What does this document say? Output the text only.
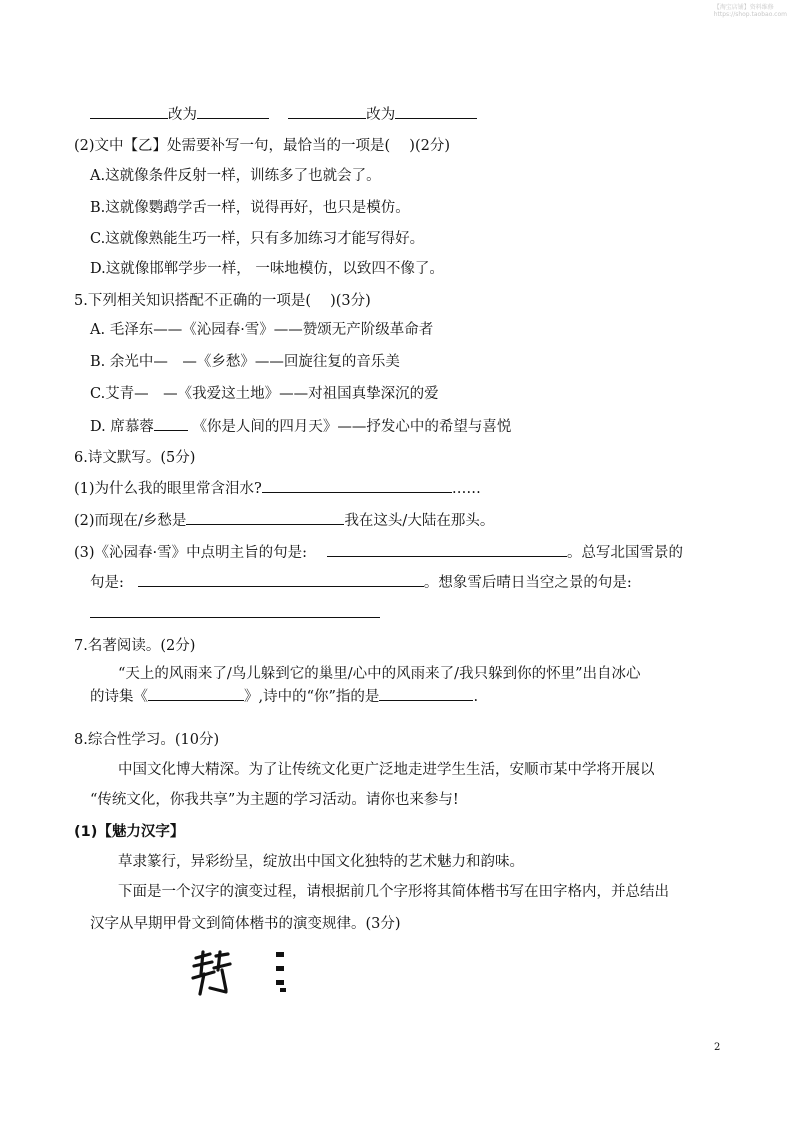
【淘宝店铺】资料维修
https://shop.taobao.com
改为	改为
(2)文中【乙】处需要补写一句，最恰当的一项是(　 )(2分)
A.这就像条件反射一样，训练多了也就会了。
B.这就像鹦鹉学舌一样，说得再好，也只是模仿。
C.这就像熟能生巧一样，只有多加练习才能写得好。
D.这就像邯郸学步一样， 一味地模仿，以致四不像了。
5.下列相关知识搭配不正确的一项是(　 )(3分)
A. 毛泽东——《沁园春·雪》——赞颂无产阶级革命者
B. 余光中—　—《乡愁》——回旋往复的音乐美
C.艾青—　—《我爱这土地》——对祖国真挚深沉的爱
D. 席慕蓉	《你是人间的四月天》——抒发心中的希望与喜悦
6.诗文默写。(5分)
(1)为什么我的眼里常含泪水?	……
(2)而现在/乡愁是	我在这头/大陆在那头。
(3)《沁园春·雪》中点明主旨的句是:	。总写北国雪景的
句是:	。想象雪后晴日当空之景的句是:
7.名著阅读。(2分)
“天上的风雨来了/鸟儿躲到它的巢里/心中的风雨来了/我只躲到你的怀里”出自冰心
的诗集《	》,诗中的“你”指的是	.
8.综合性学习。(10分)
中国文化博大精深。为了让传统文化更广泛地走进学生生活，安顺市某中学将开展以
“传统文化，你我共享”为主题的学习活动。请你也来参与!
(1)【魅力汉字】
草隶篆行，异彩纷呈，绽放出中国文化独特的艺术魅力和韵味。
下面是一个汉字的演变过程，请根据前几个字形将其简体楷书写在田字格内，并总结出
汉字从早期甲骨文到简体楷书的演变规律。(3分)
2
